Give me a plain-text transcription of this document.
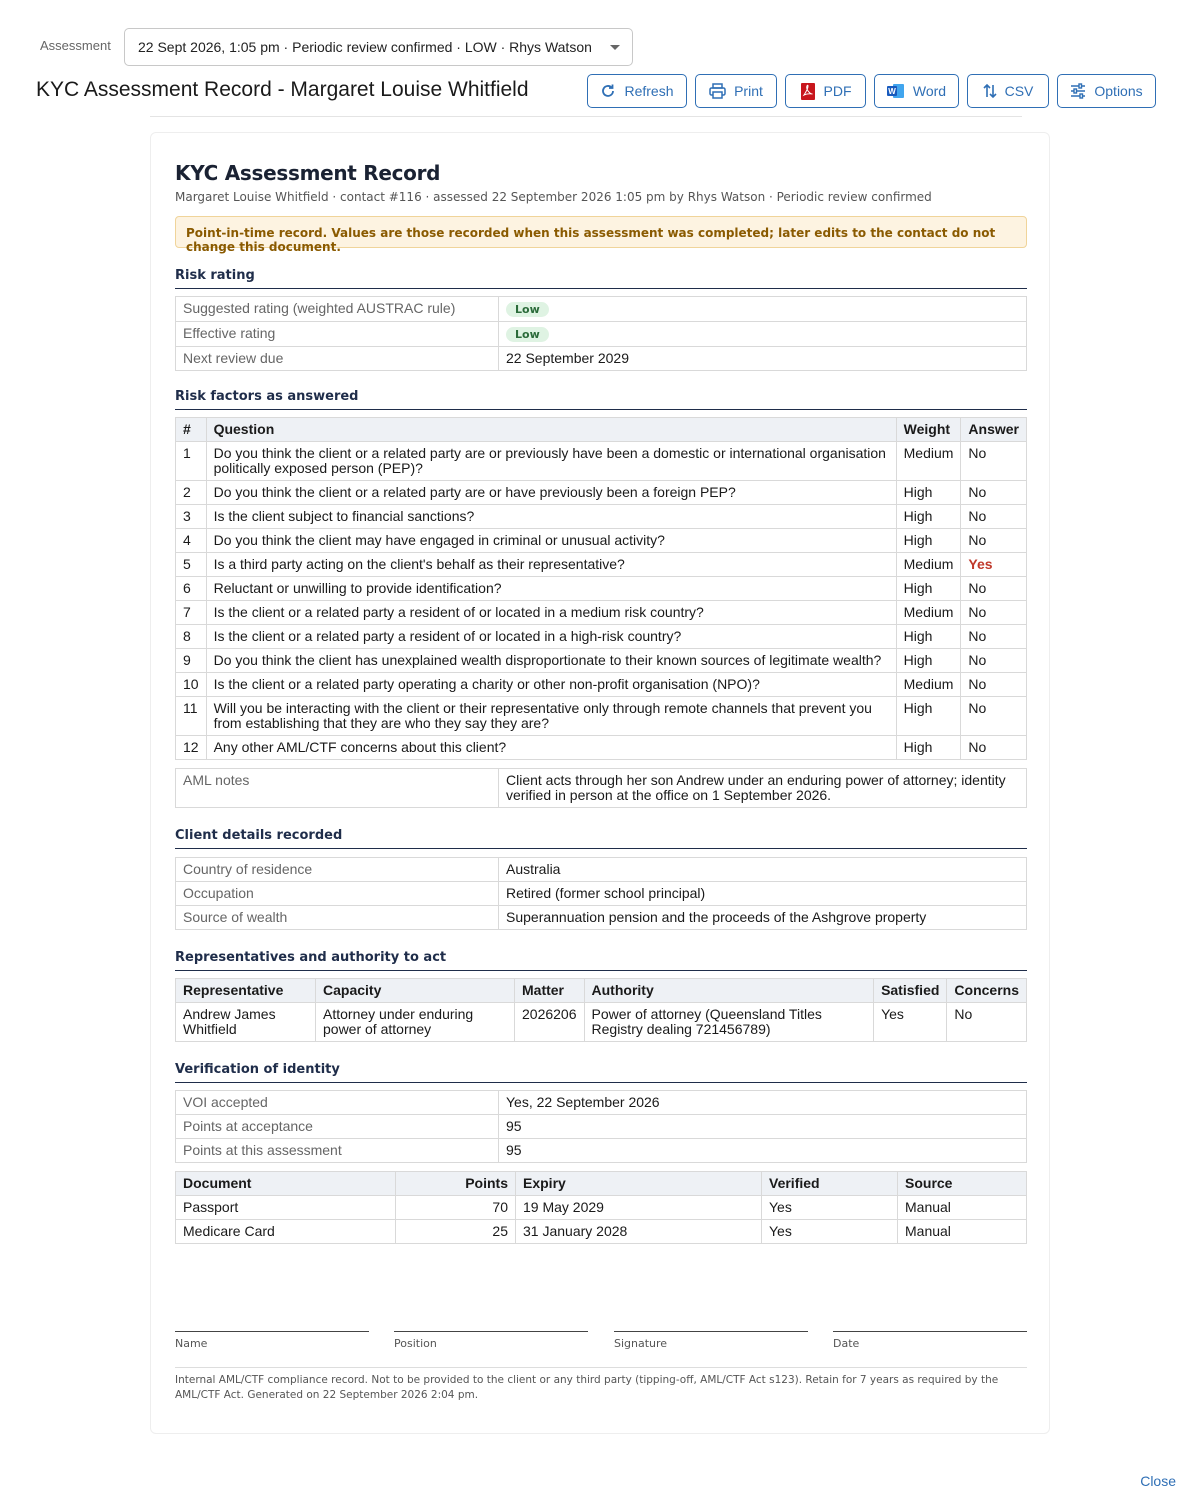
Assessment 22 Sept 2026, 1:05 pm · Periodic review confirmed · LOW · Rhys Watson
KYC Assessment Record - Margaret Louise Whitfield	Refresh	Print	PDF	W Word	CSV	Options
KYC Assessment Record
Margaret Louise Whitfield · contact #116 · assessed 22 September 2026 1:05 pm by Rhys Watson · Periodic review confirmed
Point-in-time record. Values are those recorded when this assessment was completed; later edits to the contact do not change this document.
Risk rating
Suggested rating (weighted AUSTRAC rule)	Low
Effective rating	Low
Next review due	22 September 2029
Risk factors as answered
#	Question	Weight	Answer
1	Do you think the client or a related party are or previously have been a domestic or international organisation politically exposed person (PEP)?	Medium	No
2	Do you think the client or a related party are or have previously been a foreign PEP?	High	No
3	Is the client subject to financial sanctions?	High	No
4	Do you think the client may have engaged in criminal or unusual activity?	High	No
5	Is a third party acting on the client's behalf as their representative?	Medium	Yes
6	Reluctant or unwilling to provide identification?	High	No
7	Is the client or a related party a resident of or located in a medium risk country?	Medium	No
8	Is the client or a related party a resident of or located in a high-risk country?	High	No
9	Do you think the client has unexplained wealth disproportionate to their known sources of legitimate wealth?	High	No
10	Is the client or a related party operating a charity or other non-profit organisation (NPO)?	Medium	No
11	Will you be interacting with the client or their representative only through remote channels that prevent you from establishing that they are who they say they are?	High	No
12	Any other AML/CTF concerns about this client?	High	No
AML notes	Client acts through her son Andrew under an enduring power of attorney; identity verified in person at the office on 1 September 2026.
Client details recorded
Country of residence	Australia
Occupation	Retired (former school principal)
Source of wealth	Superannuation pension and the proceeds of the Ashgrove property
Representatives and authority to act
Representative	Capacity	Matter	Authority	Satisfied	Concerns
Andrew James Whitfield	Attorney under enduring power of attorney	2026206	Power of attorney (Queensland Titles Registry dealing 721456789)	Yes	No
Verification of identity
VOI accepted	Yes, 22 September 2026
Points at acceptance	95
Points at this assessment	95
Document	Points	Expiry	Verified	Source
Passport	70	19 May 2029	Yes	Manual
Medicare Card	25	31 January 2028	Yes	Manual
Name	Position	Signature	Date
Internal AML/CTF compliance record. Not to be provided to the client or any third party (tipping-off, AML/CTF Act s123). Retain for 7 years as required by the AML/CTF Act. Generated on 22 September 2026 2:04 pm.
Close
